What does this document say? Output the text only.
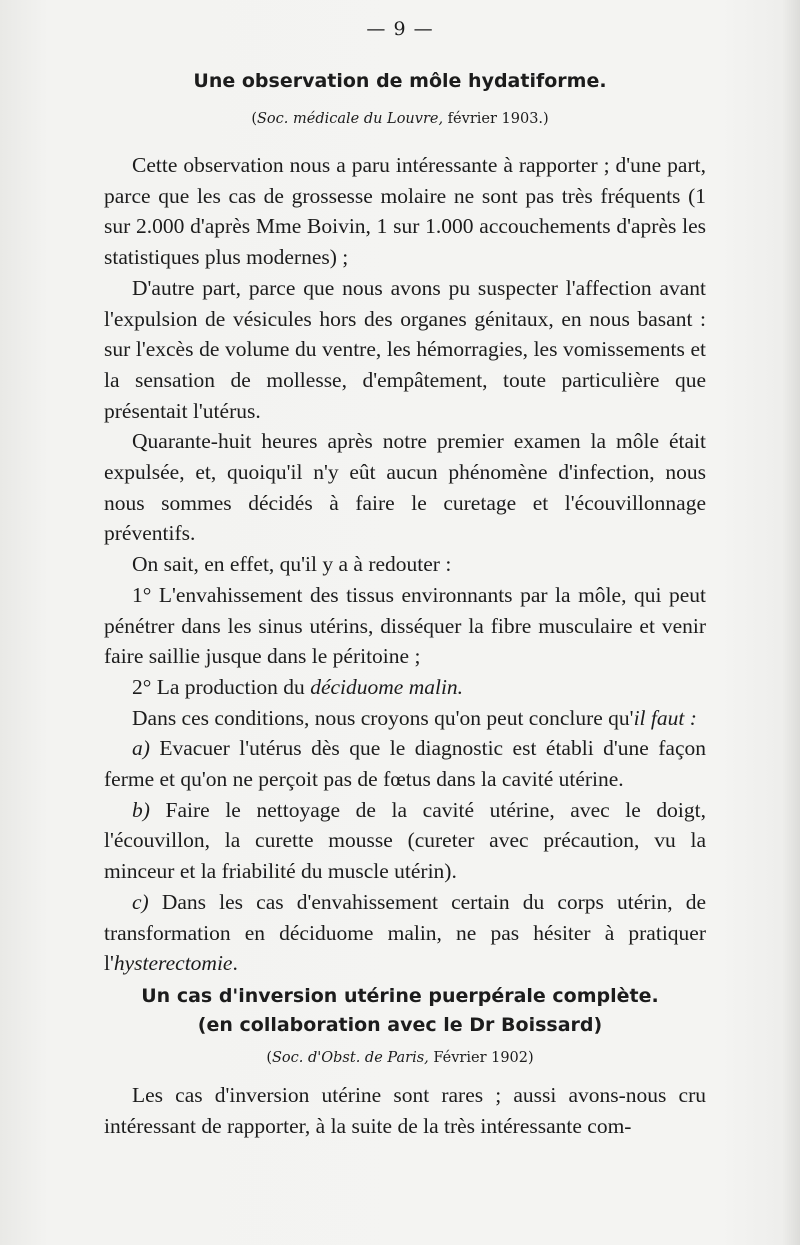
— 9 —
Une observation de môle hydatiforme.
(Soc. médicale du Louvre, février 1903.)

Cette observation nous a paru intéressante à rapporter ; d'une part, parce que les cas de grossesse molaire ne sont pas très fréquents (1 sur 2.000 d'après Mme Boivin, 1 sur 1.000 accouchements d'après les statistiques plus modernes) ;

D'autre part, parce que nous avons pu suspecter l'affection avant l'expulsion de vésicules hors des organes génitaux, en nous basant : sur l'excès de volume du ventre, les hémorragies, les vomissements et la sensation de mollesse, d'empâtement, toute particulière que présentait l'utérus.

Quarante-huit heures après notre premier examen la môle était expulsée, et, quoiqu'il n'y eût aucun phénomène d'infection, nous nous sommes décidés à faire le curetage et l'écouvillonnage préventifs.

On sait, en effet, qu'il y a à redouter :

1° L'envahissement des tissus environnants par la môle, qui peut pénétrer dans les sinus utérins, disséquer la fibre musculaire et venir faire saillie jusque dans le péritoine ;

2° La production du déciduome malin.

Dans ces conditions, nous croyons qu'on peut conclure qu'il faut :

a) Evacuer l'utérus dès que le diagnostic est établi d'une façon ferme et qu'on ne perçoit pas de fœtus dans la cavité utérine.

b) Faire le nettoyage de la cavité utérine, avec le doigt, l'écouvillon, la curette mousse (cureter avec précaution, vu la minceur et la friabilité du muscle utérin).

c) Dans les cas d'envahissement certain du corps utérin, de transformation en déciduome malin, ne pas hésiter à pratiquer l'hysterectomie.

Un cas d'inversion utérine puerpérale complète.
(en collaboration avec le Dr Boissard)
(Soc. d'Obst. de Paris, Février 1902)

Les cas d'inversion utérine sont rares ; aussi avons-nous cru intéressant de rapporter, à la suite de la très intéressante com-
